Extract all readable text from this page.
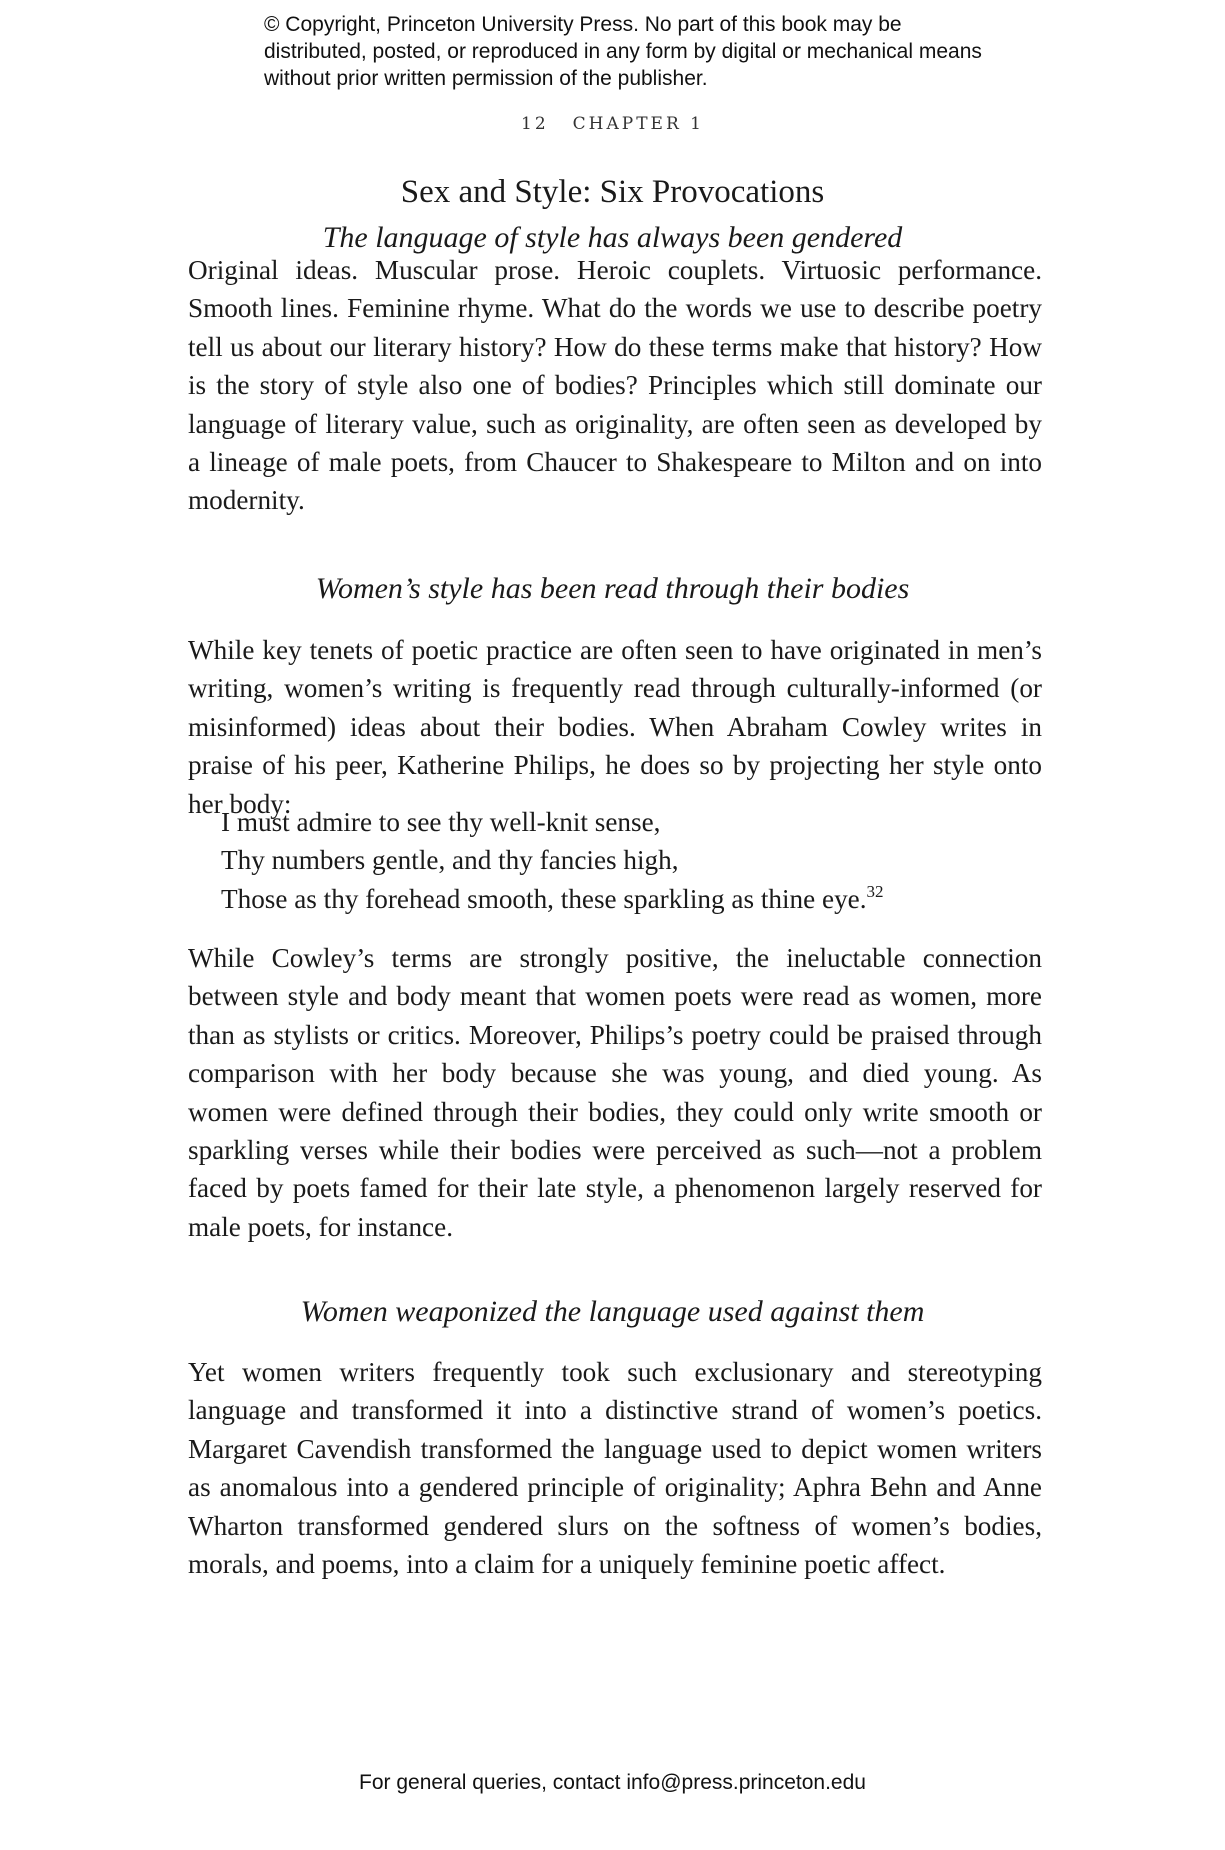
© Copyright, Princeton University Press. No part of this book may be distributed, posted, or reproduced in any form by digital or mechanical means without prior written permission of the publisher.

12 CHAPTER 1
Sex and Style: Six Provocations
The language of style has always been gendered

Original ideas. Muscular prose. Heroic couplets. Virtuosic performance. Smooth lines. Feminine rhyme. What do the words we use to describe poetry tell us about our literary history? How do these terms make that history? How is the story of style also one of bodies? Principles which still dominate our language of literary value, such as originality, are often seen as developed by a lineage of male poets, from Chaucer to Shakespeare to Milton and on into modernity.

Women’s style has been read through their bodies

While key tenets of poetic practice are often seen to have originated in men’s writing, women’s writing is frequently read through culturally-informed (or misinformed) ideas about their bodies. When Abraham Cowley writes in praise of his peer, Katherine Philips, he does so by projecting her style onto her body:

I must admire to see thy well-knit sense,
Thy numbers gentle, and thy fancies high,
Those as thy forehead smooth, these sparkling as thine eye.$^{32}$

While Cowley’s terms are strongly positive, the ineluctable connection between style and body meant that women poets were read as women, more than as stylists or critics. Moreover, Philips’s poetry could be praised through comparison with her body because she was young, and died young. As women were defined through their bodies, they could only write smooth or sparkling verses while their bodies were perceived as such—not a problem faced by poets famed for their late style, a phenomenon largely reserved for male poets, for instance.

Women weaponized the language used against them

Yet women writers frequently took such exclusionary and stereotyping language and transformed it into a distinctive strand of women’s poetics. Margaret Cavendish transformed the language used to depict women writers as anomalous into a gendered principle of originality; Aphra Behn and Anne Wharton transformed gendered slurs on the softness of women’s bodies, morals, and poems, into a claim for a uniquely feminine poetic affect.

For general queries, contact info@press.princeton.edu
